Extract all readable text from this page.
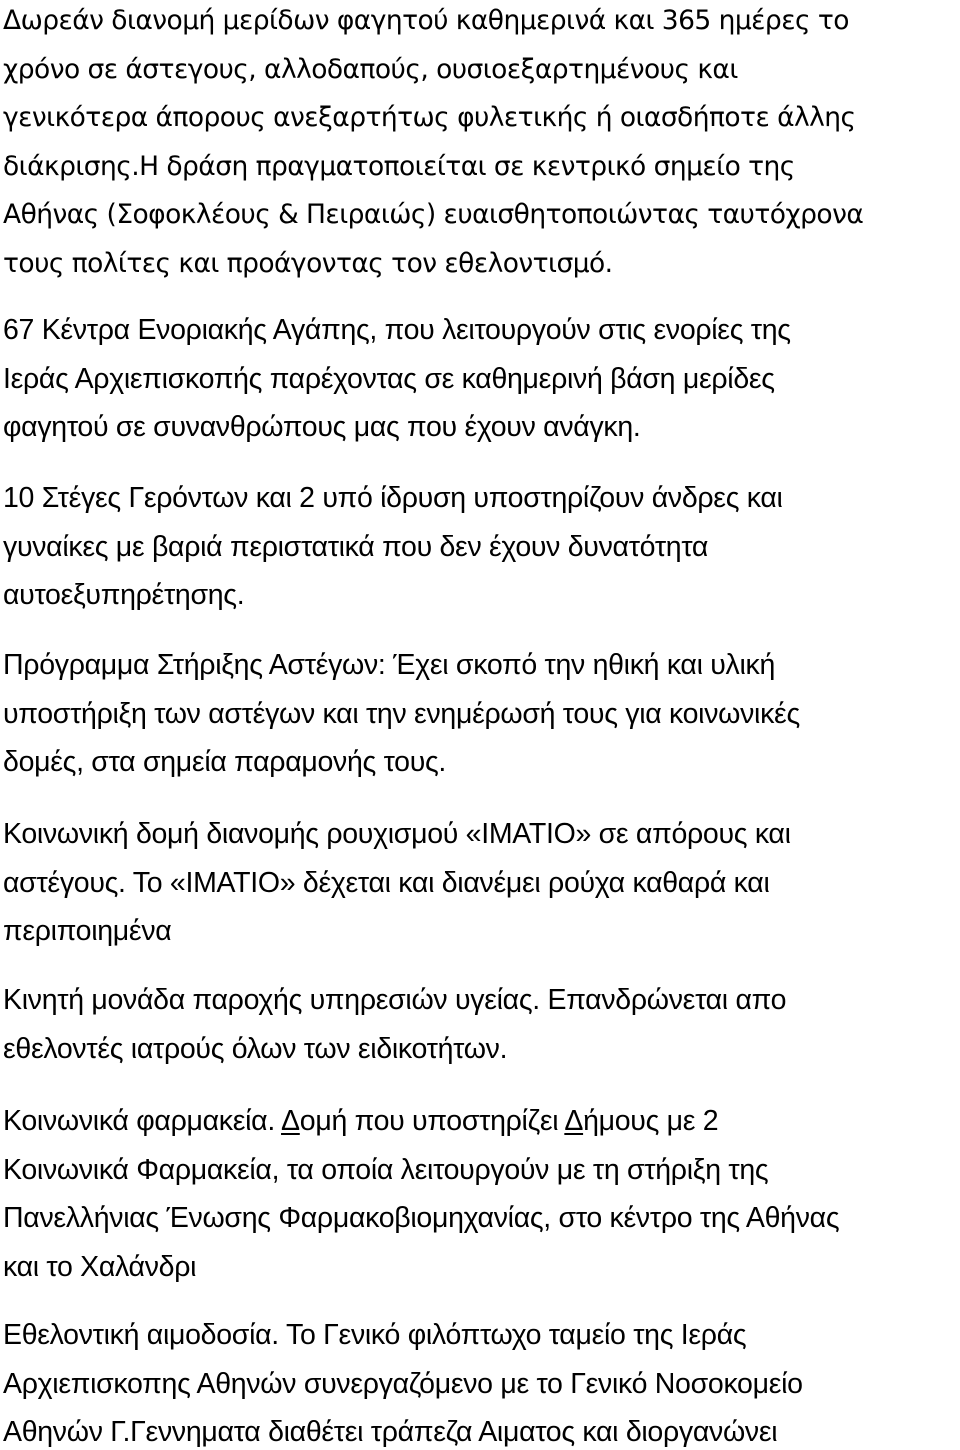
Δωρεάν διανομή μερίδων φαγητού καθημερινά και 365 ημέρες το
χρόνο σε άστεγους, αλλοδαπούς, ουσιοεξαρτημένους και
γενικότερα άπορους ανεξαρτήτως φυλετικής ή οιασδήποτε άλλης
διάκρισης.Η δράση πραγματοποιείται σε κεντρικό σημείο της
Αθήνας (Σοφοκλέους & Πειραιώς) ευαισθητοποιώντας ταυτόχρονα
τους πολίτες και προάγοντας τον εθελοντισμό.
67 Κέντρα Ενοριακής Αγάπης, που λειτουργούν στις ενορίες της
Ιεράς Αρχιεπισκοπής παρέχοντας σε καθημερινή βάση μερίδες
φαγητού σε συνανθρώπους μας που έχουν ανάγκη.
10 Στέγες Γερόντων και 2 υπό ίδρυση υποστηρίζουν άνδρες και
γυναίκες με βαριά περιστατικά που δεν έχουν δυνατότητα
αυτοεξυπηρέτησης.
Πρόγραμμα Στήριξης Αστέγων: Έχει σκοπό την ηθική και υλική
υποστήριξη των αστέγων και την ενημέρωσή τους για κοινωνικές
δομές, στα σημεία παραμονής τους.
Κοινωνική δομή διανομής ρουχισμού «ΙΜΑΤΙΟ» σε απόρους και
αστέγους. Το «ΙΜΑΤΙΟ» δέχεται και διανέμει ρούχα καθαρά και
περιποιημένα
Κινητή μονάδα παροχής υπηρεσιών υγείας. Επανδρώνεται απο
εθελοντές ιατρούς όλων των ειδικοτήτων.
Κοινωνικά φαρμακεία. Δομή που υποστηρίζει Δήμους με 2
Κοινωνικά Φαρμακεία, τα οποία λειτουργούν με τη στήριξη της
Πανελλήνιας Ένωσης Φαρμακοβιομηχανίας, στο κέντρο της Αθήνας
και το Χαλάνδρι
Εθελοντική αιμοδοσία. Το Γενικό φιλόπτωχο ταμείο της Ιεράς
Αρχιεπισκοπης Αθηνών συνεργαζόμενο με το Γενικό Νοσοκομείο
Αθηνών Γ.Γεννηματα διαθέτει τράπεζα Αιματος και διοργανώνει
